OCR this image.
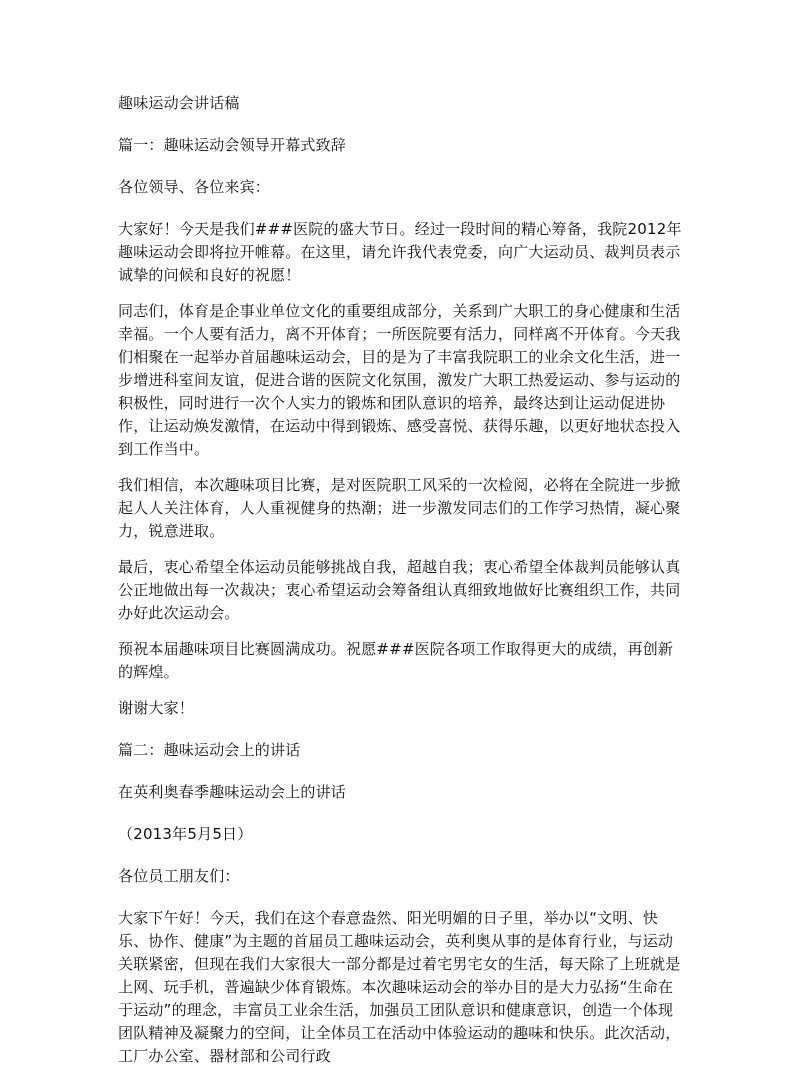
趣味运动会讲话稿

篇一：趣味运动会领导开幕式致辞

各位领导、各位来宾：

大家好！今天是我们###医院的盛大节日。经过一段时间的精心筹备，我院2012年趣味运动会即将拉开帷幕。在这里，请允许我代表党委，向广大运动员、裁判员表示诚挚的问候和良好的祝愿！

同志们，体育是企事业单位文化的重要组成部分，关系到广大职工的身心健康和生活幸福。一个人要有活力，离不开体育；一所医院要有活力，同样离不开体育。今天我们相聚在一起举办首届趣味运动会，目的是为了丰富我院职工的业余文化生活，进一步增进科室间友谊，促进合谐的医院文化氛围，激发广大职工热爱运动、参与运动的积极性，同时进行一次个人实力的锻炼和团队意识的培养，最终达到让运动促进协作，让运动焕发激情，在运动中得到锻炼、感受喜悦、获得乐趣，以更好地状态投入到工作当中。

我们相信，本次趣味项目比赛，是对医院职工风采的一次检阅，必将在全院进一步掀起人人关注体育，人人重视健身的热潮；进一步激发同志们的工作学习热情，凝心聚力，锐意进取。

最后，衷心希望全体运动员能够挑战自我，超越自我；衷心希望全体裁判员能够认真公正地做出每一次裁决；衷心希望运动会筹备组认真细致地做好比赛组织工作，共同办好此次运动会。

预祝本届趣味项目比赛圆满成功。祝愿###医院各项工作取得更大的成绩，再创新的辉煌。

谢谢大家！

篇二：趣味运动会上的讲话

在英利奥春季趣味运动会上的讲话

（2013年5月5日）

各位员工朋友们：

大家下午好！今天，我们在这个春意盎然、阳光明媚的日子里，举办以“文明、快乐、协作、健康”为主题的首届员工趣味运动会，英利奥从事的是体育行业，与运动关联紧密，但现在我们大家很大一部分都是过着宅男宅女的生活，每天除了上班就是上网、玩手机，普遍缺少体育锻炼。本次趣味运动会的举办目的是大力弘扬“生命在于运动”的理念，丰富员工业余生活，加强员工团队意识和健康意识，创造一个体现团队精神及凝聚力的空间，让全体员工在活动中体验运动的趣味和快乐。此次活动，工厂办公室、器材部和公司行政
